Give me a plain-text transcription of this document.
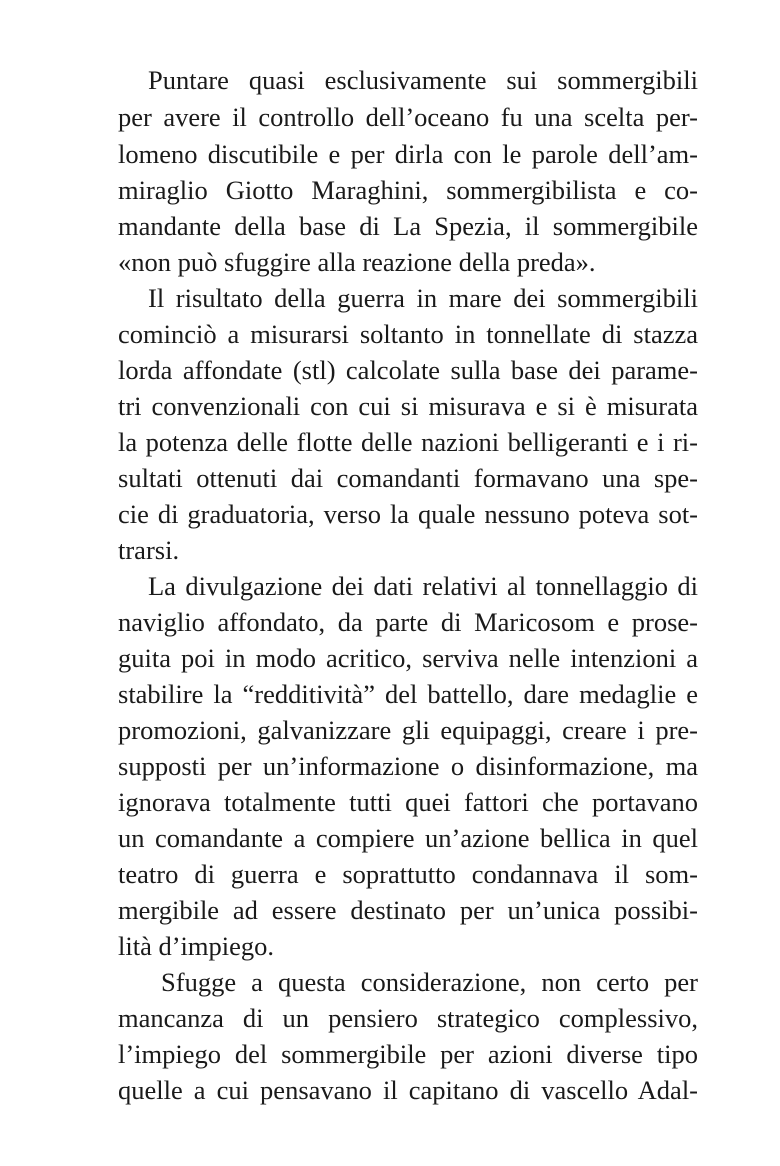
Puntare quasi esclusivamente sui sommergibili
per avere il controllo dell’oceano fu una scelta per-
lomeno discutibile e per dirla con le parole dell’am-
miraglio Giotto Maraghini, sommergibilista e co-
mandante della base di La Spezia, il sommergibile
«non può sfuggire alla reazione della preda».
Il risultato della guerra in mare dei sommergibili
cominciò a misurarsi soltanto in tonnellate di stazza
lorda affondate (stl) calcolate sulla base dei parame-
tri convenzionali con cui si misurava e si è misurata
la potenza delle flotte delle nazioni belligeranti e i ri-
sultati ottenuti dai comandanti formavano una spe-
cie di graduatoria, verso la quale nessuno poteva sot-
trarsi.
La divulgazione dei dati relativi al tonnellaggio di
naviglio affondato, da parte di Maricosom e prose-
guita poi in modo acritico, serviva nelle intenzioni a
stabilire la “redditività” del battello, dare medaglie e
promozioni, galvanizzare gli equipaggi, creare i pre-
supposti per un’informazione o disinformazione, ma
ignorava totalmente tutti quei fattori che portavano
un comandante a compiere un’azione bellica in quel
teatro di guerra e soprattutto condannava il som-
mergibile ad essere destinato per un’unica possibi-
lità d’impiego.
Sfugge a questa considerazione, non certo per
mancanza di un pensiero strategico complessivo,
l’impiego del sommergibile per azioni diverse tipo
quelle a cui pensavano il capitano di vascello Adal-
